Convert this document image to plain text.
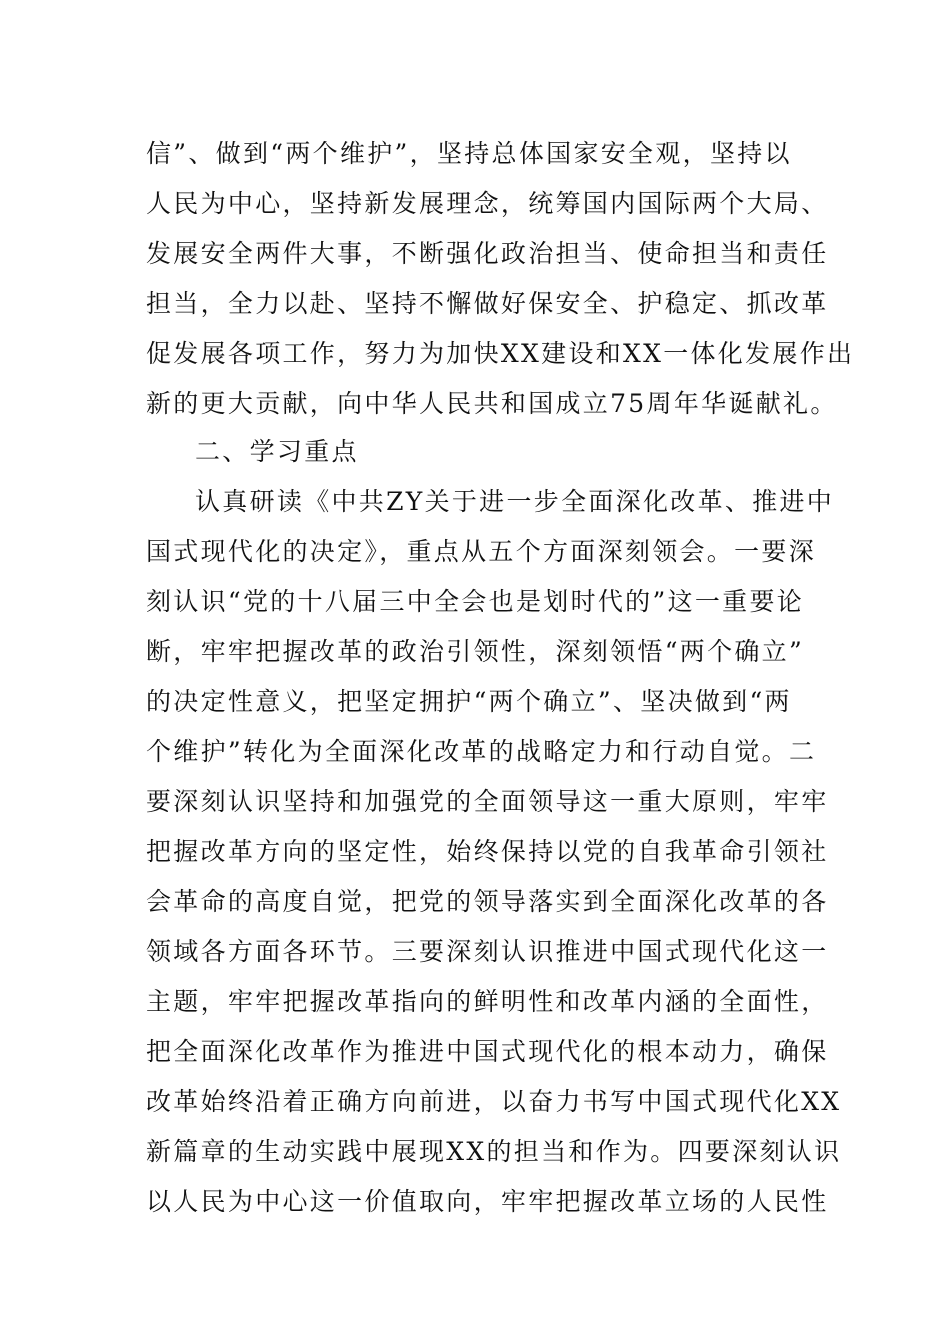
信”、做到“两个维护”，坚持总体国家安全观，坚持以
人民为中心，坚持新发展理念，统筹国内国际两个大局、
发展安全两件大事，不断强化政治担当、使命担当和责任
担当，全力以赴、坚持不懈做好保安全、护稳定、抓改革
促发展各项工作，努力为加快XX建设和XX一体化发展作出
新的更大贡献，向中华人民共和国成立75周年华诞献礼。
二、学习重点
认真研读《中共ZY关于进一步全面深化改革、推进中
国式现代化的决定》，重点从五个方面深刻领会。一要深
刻认识“党的十八届三中全会也是划时代的”这一重要论
断，牢牢把握改革的政治引领性，深刻领悟“两个确立”
的决定性意义，把坚定拥护“两个确立”、坚决做到“两
个维护”转化为全面深化改革的战略定力和行动自觉。二
要深刻认识坚持和加强党的全面领导这一重大原则，牢牢
把握改革方向的坚定性，始终保持以党的自我革命引领社
会革命的高度自觉，把党的领导落实到全面深化改革的各
领域各方面各环节。三要深刻认识推进中国式现代化这一
主题，牢牢把握改革指向的鲜明性和改革内涵的全面性，
把全面深化改革作为推进中国式现代化的根本动力，确保
改革始终沿着正确方向前进，以奋力书写中国式现代化XX
新篇章的生动实践中展现XX的担当和作为。四要深刻认识
以人民为中心这一价值取向，牢牢把握改革立场的人民性
